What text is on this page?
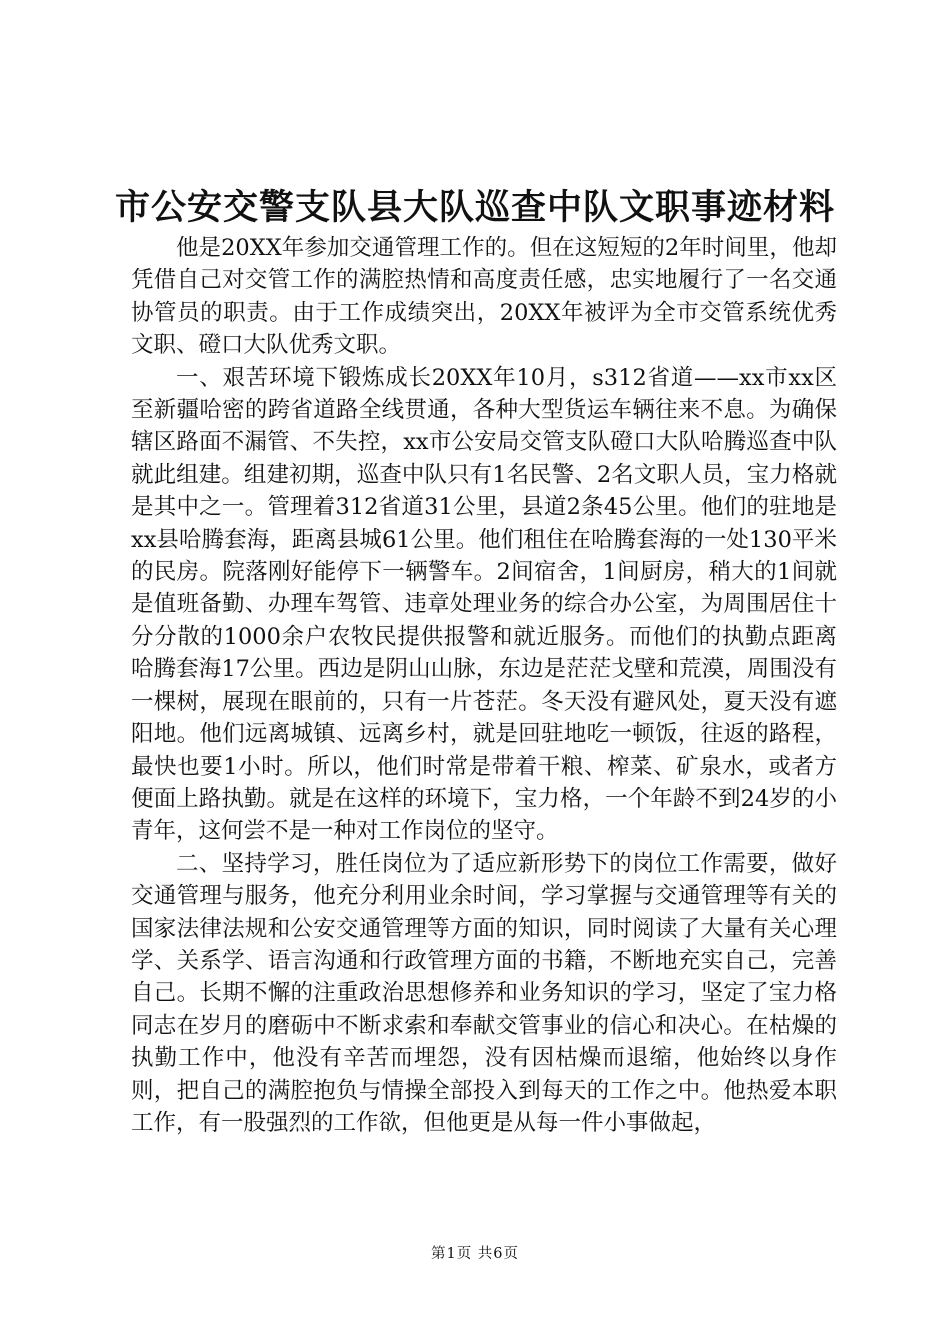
市公安交警支队县大队巡查中队文职事迹材料

他是20XX年参加交通管理工作的。但在这短短的2年时间里，他却凭借自己对交管工作的满腔热情和高度责任感，忠实地履行了一名交通协管员的职责。由于工作成绩突出，20XX年被评为全市交管系统优秀文职、磴口大队优秀文职。

一、艰苦环境下锻炼成长20XX年10月，s312省道——xx市xx区至新疆哈密的跨省道路全线贯通，各种大型货运车辆往来不息。为确保辖区路面不漏管、不失控，xx市公安局交管支队磴口大队哈腾巡查中队就此组建。组建初期，巡查中队只有1名民警、2名文职人员，宝力格就是其中之一。管理着312省道31公里，县道2条45公里。他们的驻地是xx县哈腾套海，距离县城61公里。他们租住在哈腾套海的一处130平米的民房。院落刚好能停下一辆警车。2间宿舍，1间厨房，稍大的1间就是值班备勤、办理车驾管、违章处理业务的综合办公室，为周围居住十分分散的1000余户农牧民提供报警和就近服务。而他们的执勤点距离哈腾套海17公里。西边是阴山山脉，东边是茫茫戈壁和荒漠，周围没有一棵树，展现在眼前的，只有一片苍茫。冬天没有避风处，夏天没有遮阳地。他们远离城镇、远离乡村，就是回驻地吃一顿饭，往返的路程，最快也要1小时。所以，他们时常是带着干粮、榨菜、矿泉水，或者方便面上路执勤。就是在这样的环境下，宝力格，一个年龄不到24岁的小青年，这何尝不是一种对工作岗位的坚守。

二、坚持学习，胜任岗位为了适应新形势下的岗位工作需要，做好交通管理与服务，他充分利用业余时间，学习掌握与交通管理等有关的国家法律法规和公安交通管理等方面的知识，同时阅读了大量有关心理学、关系学、语言沟通和行政管理方面的书籍，不断地充实自己，完善自己。长期不懈的注重政治思想修养和业务知识的学习，坚定了宝力格同志在岁月的磨砺中不断求索和奉献交管事业的信心和决心。在枯燥的执勤工作中，他没有辛苦而埋怨，没有因枯燥而退缩，他始终以身作则，把自己的满腔抱负与情操全部投入到每天的工作之中。他热爱本职工作，有一股强烈的工作欲，但他更是从每一件小事做起，

第1页 共6页
